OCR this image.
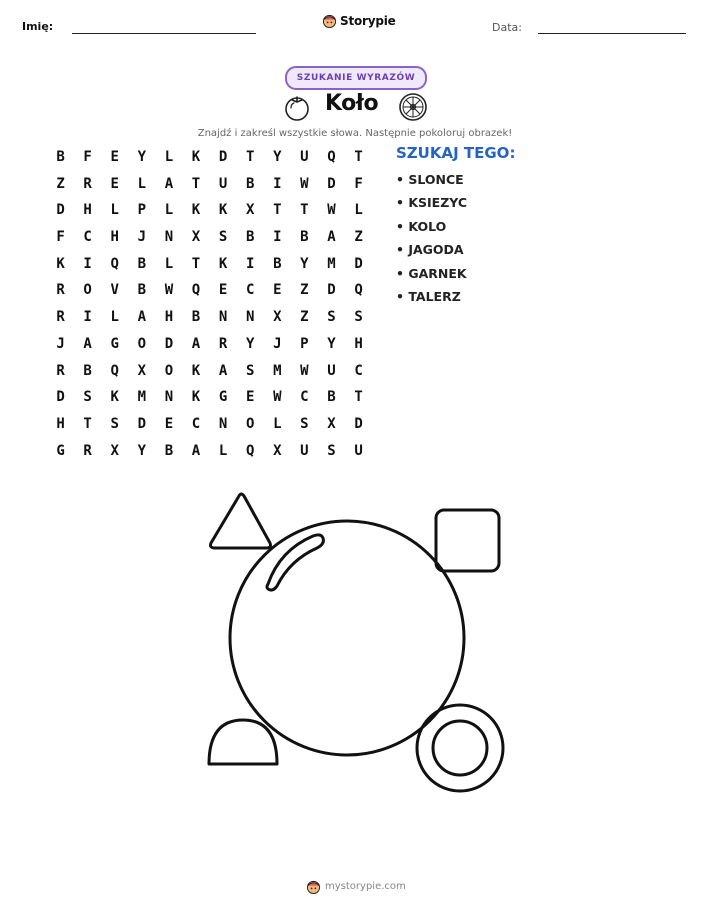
Imię:	Storypie	Data:
SZUKANIE WYRAZÓW
Koło
Znajdź i zakreśl wszystkie słowa. Następnie pokoloruj obrazek!
B	F	E	Y	L	K	D	T	Y	U	Q	T
Z	R	E	L	A	T	U	B	I	W	D	F
D	H	L	P	L	K	K	X	T	T	W	L
F	C	H	J	N	X	S	B	I	B	A	Z
K	I	Q	B	L	T	K	I	B	Y	M	D
R	O	V	B	W	Q	E	C	E	Z	D	Q
R	I	L	A	H	B	N	N	X	Z	S	S
J	A	G	O	D	A	R	Y	J	P	Y	H
R	B	Q	X	O	K	A	S	M	W	U	C
D	S	K	M	N	K	G	E	W	C	B	T
H	T	S	D	E	C	N	O	L	S	X	D
G	R	X	Y	B	A	L	Q	X	U	S	U
SZUKAJ TEGO:
• SLONCE
• KSIEZYC
• KOLO
• JAGODA
• GARNEK
• TALERZ
mystorypie.com
